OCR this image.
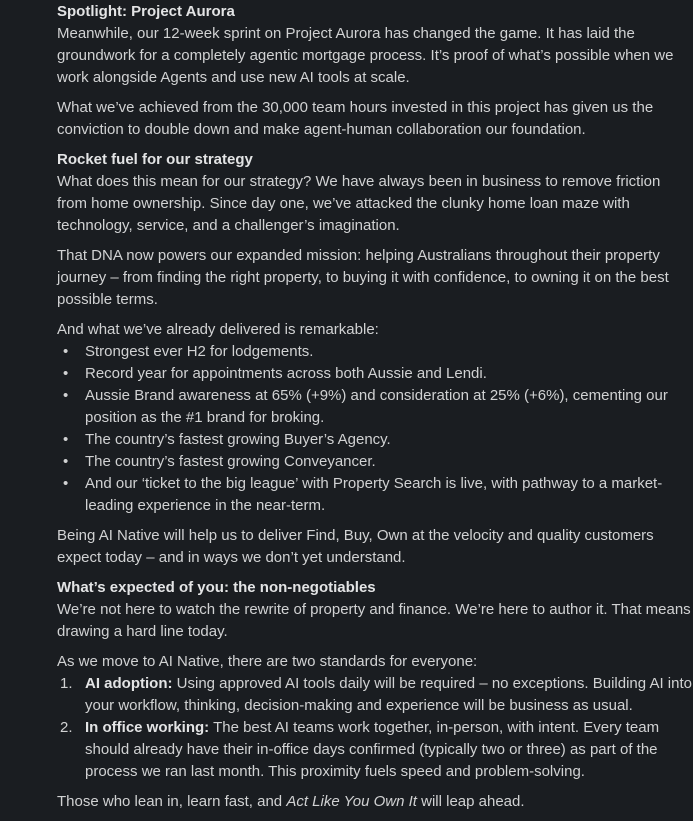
Spotlight: Project Aurora
Meanwhile, our 12-week sprint on Project Aurora has changed the game. It has laid the groundwork for a completely agentic mortgage process. It’s proof of what’s possible when we work alongside Agents and use new AI tools at scale.

What we’ve achieved from the 30,000 team hours invested in this project has given us the conviction to double down and make agent-human collaboration our foundation.

Rocket fuel for our strategy
What does this mean for our strategy? We have always been in business to remove friction from home ownership. Since day one, we’ve attacked the clunky home loan maze with technology, service, and a challenger’s imagination.

That DNA now powers our expanded mission: helping Australians throughout their property journey – from finding the right property, to buying it with confidence, to owning it on the best possible terms.

And what we’ve already delivered is remarkable:
• Strongest ever H2 for lodgements.
• Record year for appointments across both Aussie and Lendi.
• Aussie Brand awareness at 65% (+9%) and consideration at 25% (+6%), cementing our position as the #1 brand for broking.
• The country’s fastest growing Buyer’s Agency.
• The country’s fastest growing Conveyancer.
• And our ‘ticket to the big league’ with Property Search is live, with pathway to a market-leading experience in the near-term.

Being AI Native will help us to deliver Find, Buy, Own at the velocity and quality customers expect today – and in ways we don’t yet understand.

What’s expected of you: the non-negotiables
We’re not here to watch the rewrite of property and finance. We’re here to author it. That means drawing a hard line today.

As we move to AI Native, there are two standards for everyone:
1. AI adoption: Using approved AI tools daily will be required – no exceptions. Building AI into your workflow, thinking, decision-making and experience will be business as usual.
2. In office working: The best AI teams work together, in-person, with intent. Every team should already have their in-office days confirmed (typically two or three) as part of the process we ran last month. This proximity fuels speed and problem-solving.

Those who lean in, learn fast, and Act Like You Own It will leap ahead.
